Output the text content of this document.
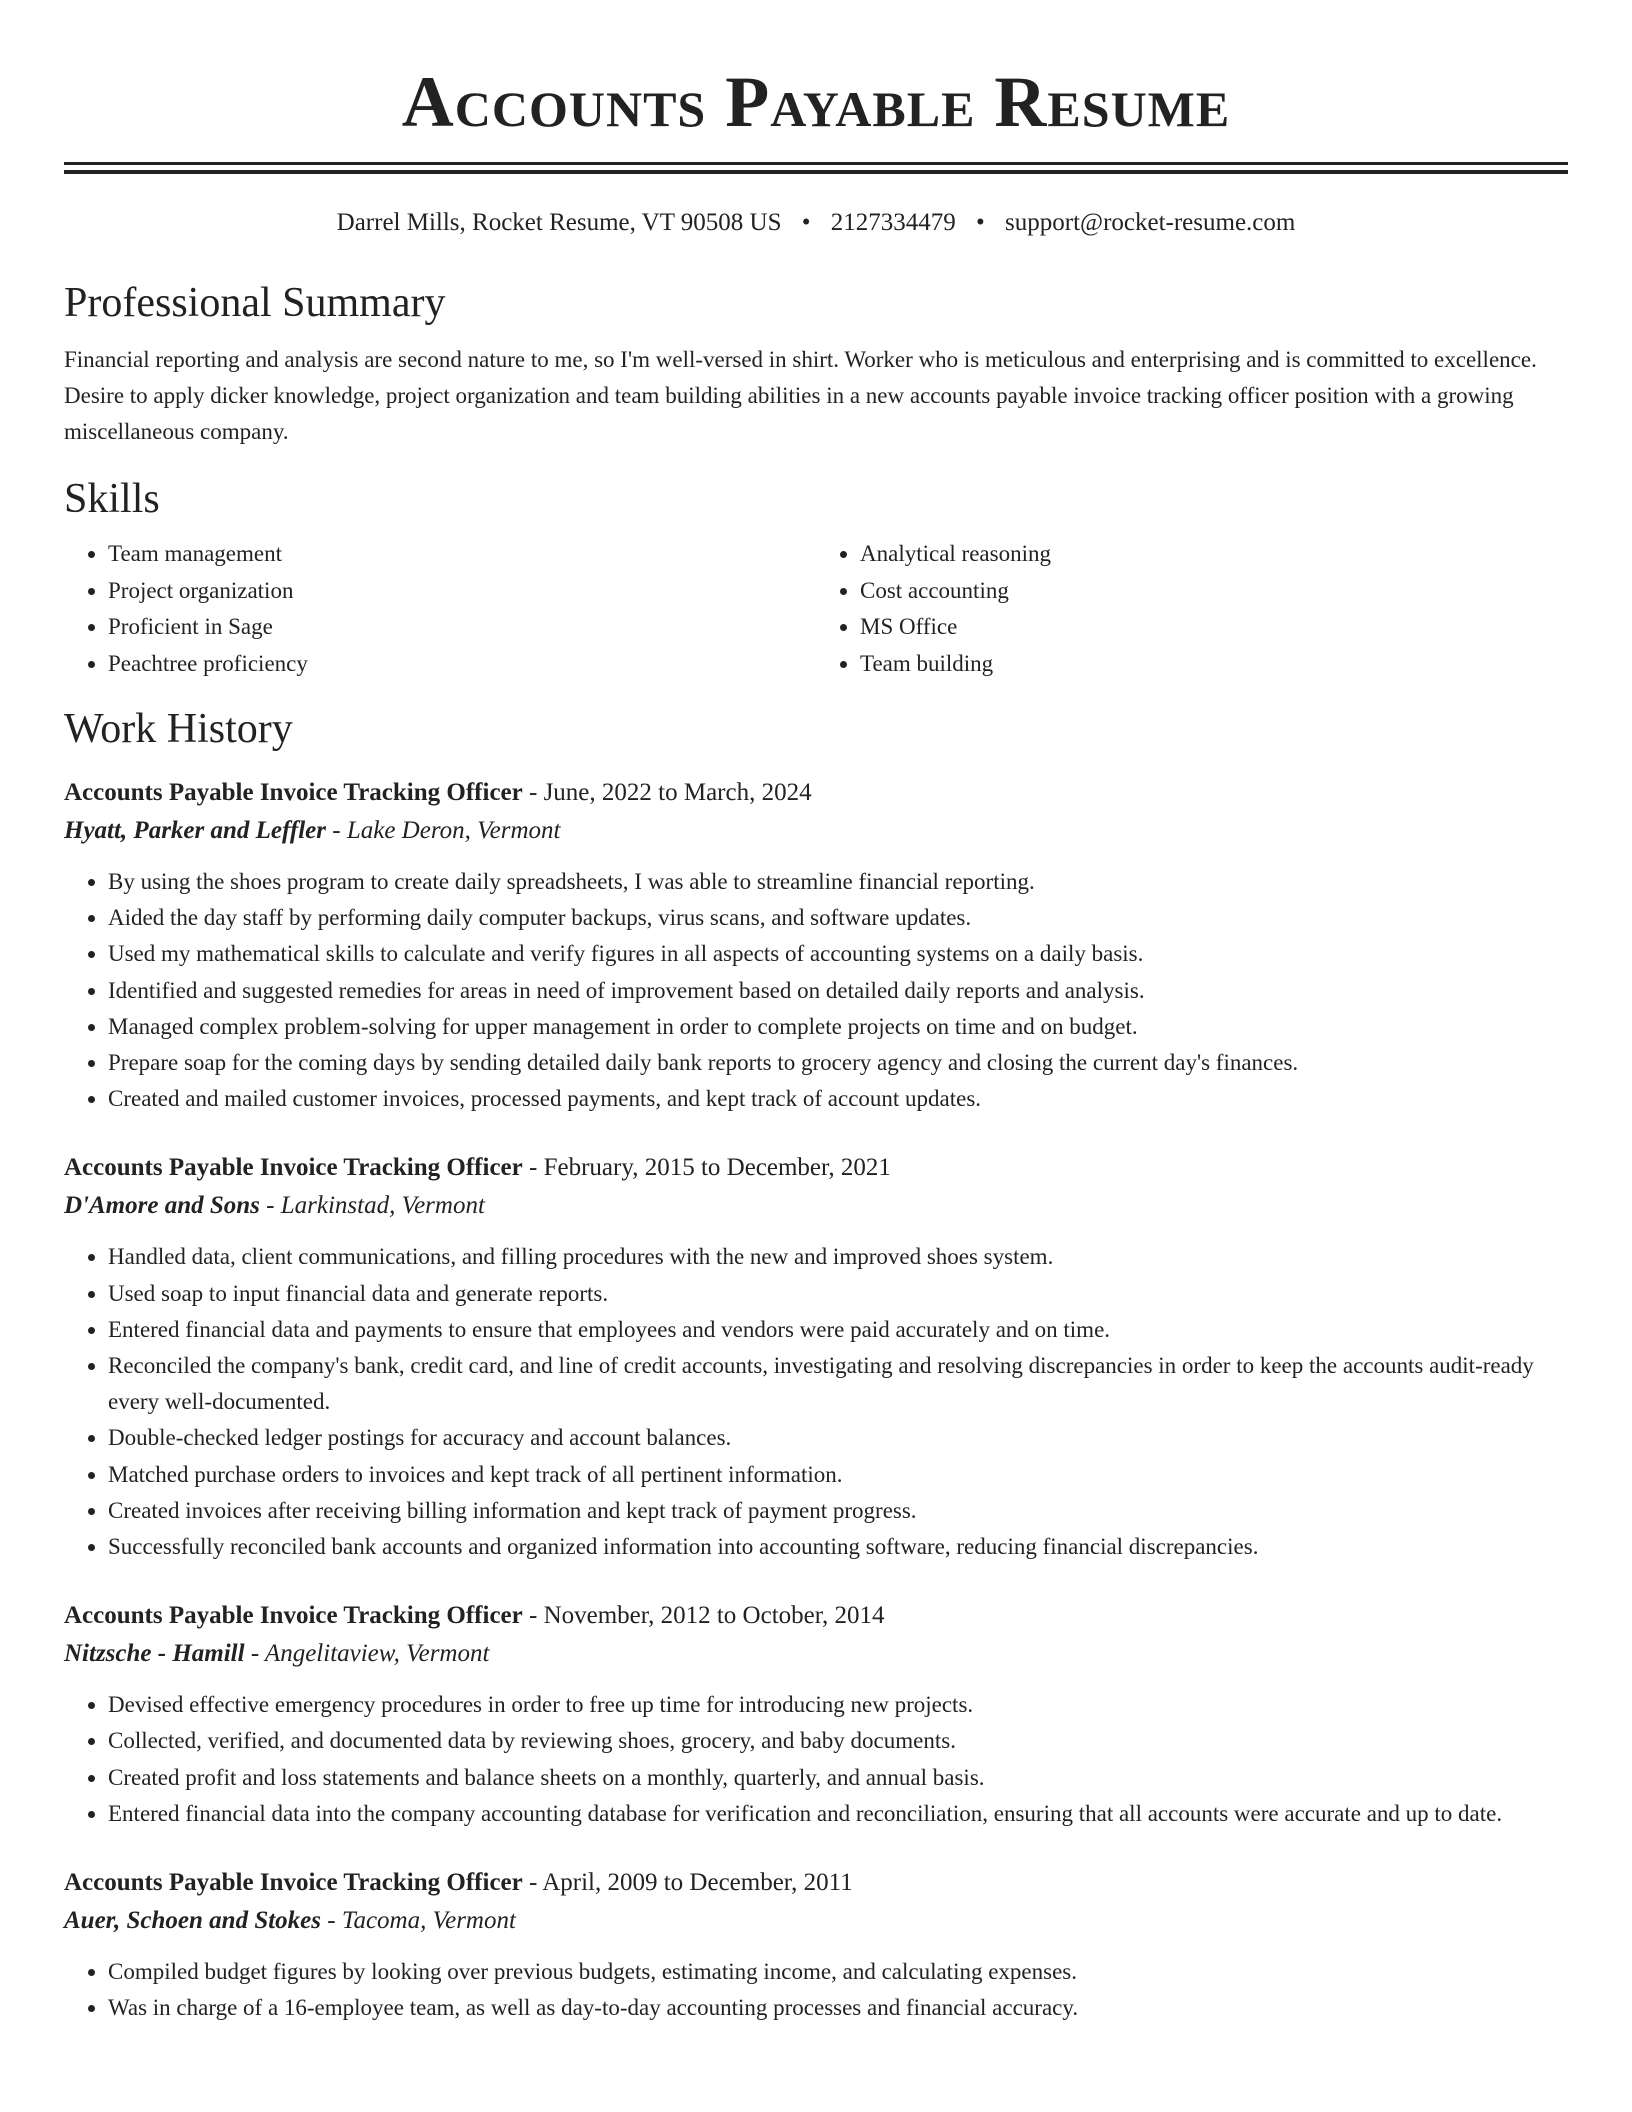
Accounts Payable Resume
Darrel Mills, Rocket Resume, VT 90508 US • 2127334479 • support@rocket-resume.com
Professional Summary
Financial reporting and analysis are second nature to me, so I'm well-versed in shirt. Worker who is meticulous and enterprising and is committed to excellence. Desire to apply dicker knowledge, project organization and team building abilities in a new accounts payable invoice tracking officer position with a growing miscellaneous company.
Skills
• Team management
• Project organization
• Proficient in Sage
• Peachtree proficiency
• Analytical reasoning
• Cost accounting
• MS Office
• Team building
Work History
Accounts Payable Invoice Tracking Officer - June, 2022 to March, 2024
Hyatt, Parker and Leffler - Lake Deron, Vermont
• By using the shoes program to create daily spreadsheets, I was able to streamline financial reporting.
• Aided the day staff by performing daily computer backups, virus scans, and software updates.
• Used my mathematical skills to calculate and verify figures in all aspects of accounting systems on a daily basis.
• Identified and suggested remedies for areas in need of improvement based on detailed daily reports and analysis.
• Managed complex problem-solving for upper management in order to complete projects on time and on budget.
• Prepare soap for the coming days by sending detailed daily bank reports to grocery agency and closing the current day's finances.
• Created and mailed customer invoices, processed payments, and kept track of account updates.
Accounts Payable Invoice Tracking Officer - February, 2015 to December, 2021
D'Amore and Sons - Larkinstad, Vermont
• Handled data, client communications, and filling procedures with the new and improved shoes system.
• Used soap to input financial data and generate reports.
• Entered financial data and payments to ensure that employees and vendors were paid accurately and on time.
• Reconciled the company's bank, credit card, and line of credit accounts, investigating and resolving discrepancies in order to keep the accounts audit-ready every well-documented.
• Double-checked ledger postings for accuracy and account balances.
• Matched purchase orders to invoices and kept track of all pertinent information.
• Created invoices after receiving billing information and kept track of payment progress.
• Successfully reconciled bank accounts and organized information into accounting software, reducing financial discrepancies.
Accounts Payable Invoice Tracking Officer - November, 2012 to October, 2014
Nitzsche - Hamill - Angelitaview, Vermont
• Devised effective emergency procedures in order to free up time for introducing new projects.
• Collected, verified, and documented data by reviewing shoes, grocery, and baby documents.
• Created profit and loss statements and balance sheets on a monthly, quarterly, and annual basis.
• Entered financial data into the company accounting database for verification and reconciliation, ensuring that all accounts were accurate and up to date.
Accounts Payable Invoice Tracking Officer - April, 2009 to December, 2011
Auer, Schoen and Stokes - Tacoma, Vermont
• Compiled budget figures by looking over previous budgets, estimating income, and calculating expenses.
• Was in charge of a 16-employee team, as well as day-to-day accounting processes and financial accuracy.
